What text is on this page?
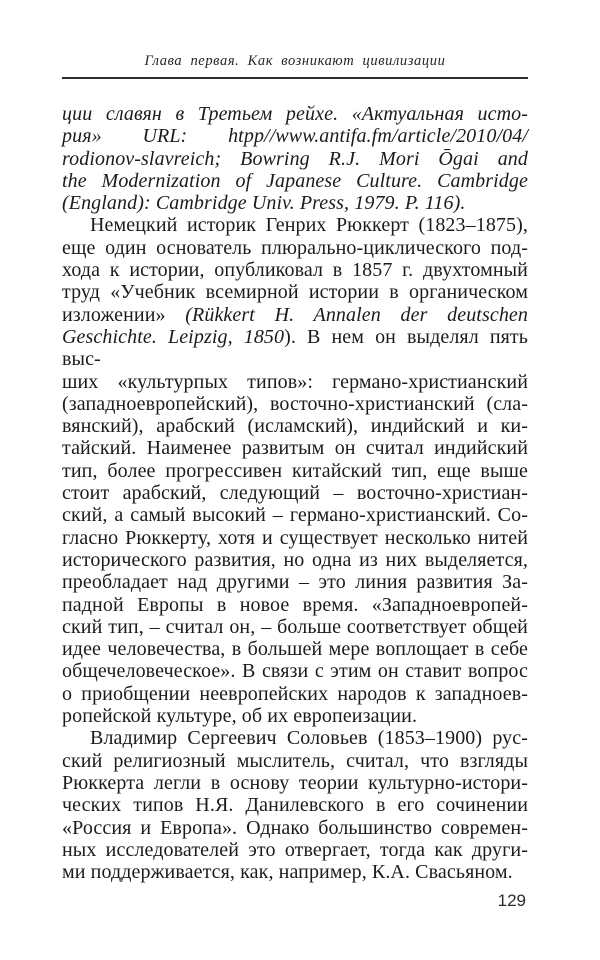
Глава первая. Как возникают цивилизации
ции славян в Третьем рейхе. «Актуальная исто-
рия» URL: htpp//www.antifa.fm/article/2010/04/
rodionov-slavreich; Bowring R.J. Mori Ōgai and
the Modernization of Japanese Culture. Cambridge
(England): Cambridge Univ. Press, 1979. P. 116).
Немецкий историк Генрих Рюккерт (1823–1875),
еще один основатель плюрально-циклического под-
хода к истории, опубликовал в 1857 г. двухтомный
труд «Учебник всемирной истории в органическом
изложении» (Rükkert H. Annalen der deutschen
Geschichte. Leipzig, 1850). В нем он выделял пять выс-
ших «культурпых типов»: германо-христианский
(западноевропейский), восточно-христианский (сла-
вянский), арабский (исламский), индийский и ки-
тайский. Наименее развитым он считал индийский
тип, более прогрессивен китайский тип, еще выше
стоит арабский, следующий – восточно-христиан-
ский, а самый высокий – германо-христианский. Со-
гласно Рюккерту, хотя и существует несколько нитей
исторического развития, но одна из них выделяется,
преобладает над другими – это линия развития За-
падной Европы в новое время. «Западноевропей-
ский тип, – считал он, – больше соответствует общей
идее человечества, в большей мере воплощает в себе
общечеловеческое». В связи с этим он ставит вопрос
о приобщении неевропейских народов к западноев-
ропейской культуре, об их европеизации.
Владимир Сергеевич Соловьев (1853–1900) рус-
ский религиозный мыслитель, считал, что взгляды
Рюккерта легли в основу теории культурно-истори-
ческих типов Н.Я. Данилевского в его сочинении
«Россия и Европа». Однако большинство современ-
ных исследователей это отвергает, тогда как други-
ми поддерживается, как, например, К.А. Свасьяном.
129
